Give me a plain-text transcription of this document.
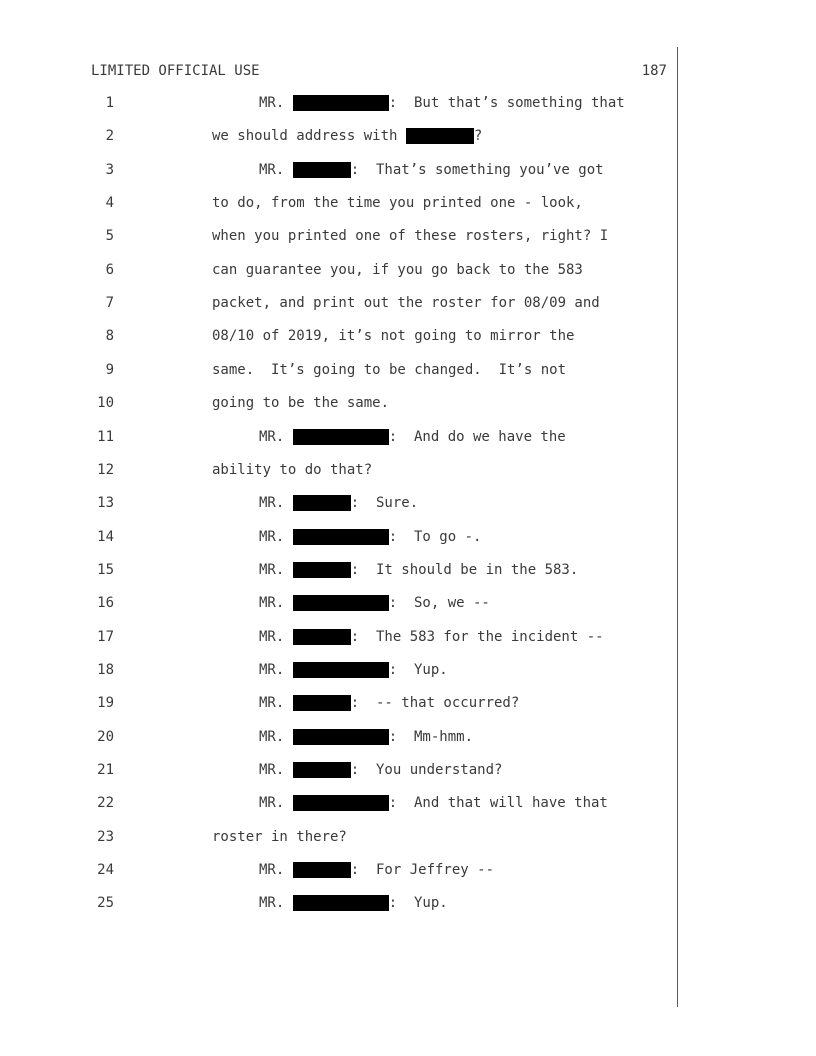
LIMITED OFFICIAL USE	187
1	MR.	:  But that’s something that
2	we should address with	?
3	MR.	:  That’s something you’ve got
4	to do, from the time you printed one - look,
5	when you printed one of these rosters, right? I
6	can guarantee you, if you go back to the 583
7	packet, and print out the roster for 08/09 and
8	08/10 of 2019, it’s not going to mirror the
9	same.  It’s going to be changed.  It’s not
10	going to be the same.
11	MR.	:  And do we have the
12	ability to do that?
13	MR.	:  Sure.
14	MR.	:  To go -.
15	MR.	:  It should be in the 583.
16	MR.	:  So, we --
17	MR.	:  The 583 for the incident --
18	MR.	:  Yup.
19	MR.	:  -- that occurred?
20	MR.	:  Mm-hmm.
21	MR.	:  You understand?
22	MR.	:  And that will have that
23	roster in there?
24	MR.	:  For Jeffrey --
25	MR.	:  Yup.
